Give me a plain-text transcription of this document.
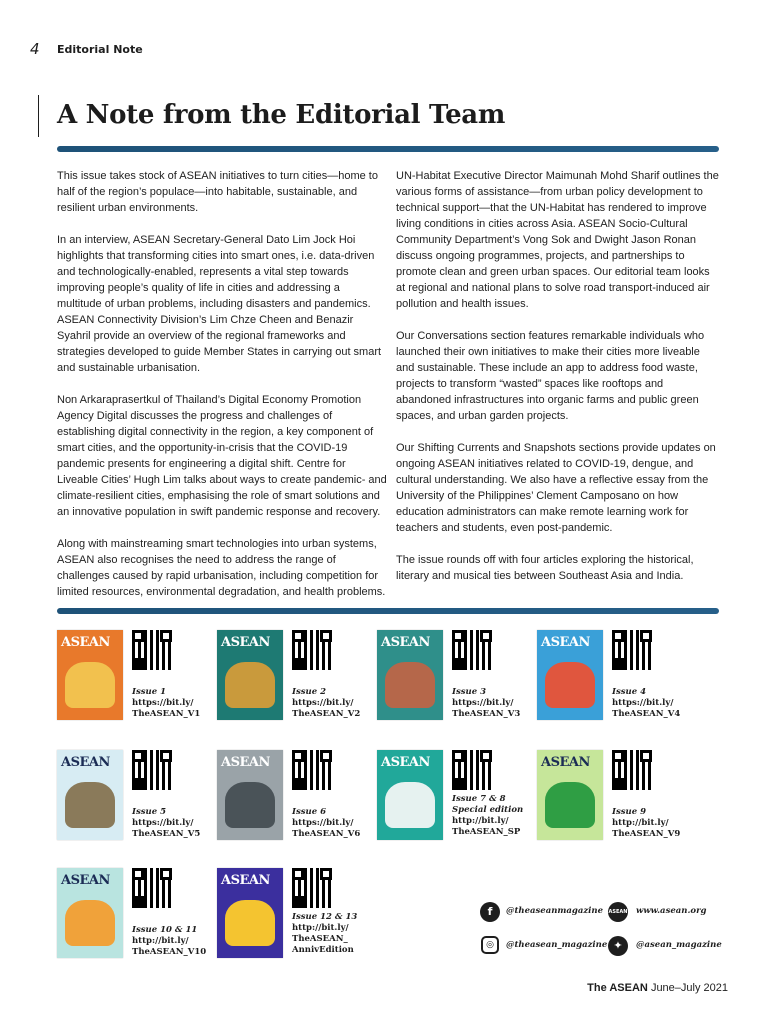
4 Editorial Note
A Note from the Editorial Team

This issue takes stock of ASEAN initiatives to turn cities—home to half of the region’s populace—into habitable, sustainable, and resilient urban environments.

In an interview, ASEAN Secretary-General Dato Lim Jock Hoi highlights that transforming cities into smart ones, i.e. data-driven and technologically-enabled, represents a vital step towards improving people’s quality of life in cities and addressing a multitude of urban problems, including disasters and pandemics. ASEAN Connectivity Division’s Lim Chze Cheen and Benazir Syahril provide an overview of the regional frameworks and strategies developed to guide Member States in carrying out smart and sustainable urbanisation.

Non Arkaraprasertkul of Thailand’s Digital Economy Promotion Agency Digital discusses the progress and challenges of establishing digital connectivity in the region, a key component of smart cities, and the opportunity-in-crisis that the COVID-19 pandemic presents for engineering a digital shift. Centre for Liveable Cities’ Hugh Lim talks about ways to create pandemic- and climate-resilient cities, emphasising the role of smart solutions and an innovative population in swift pandemic response and recovery.

Along with mainstreaming smart technologies into urban systems, ASEAN also recognises the need to address the range of challenges caused by rapid urbanisation, including competition for limited resources, environmental degradation, and health problems.

UN-Habitat Executive Director Maimunah Mohd Sharif outlines the various forms of assistance—from urban policy development to technical support—that the UN-Habitat has rendered to improve living conditions in cities across Asia. ASEAN Socio-Cultural Community Department’s Vong Sok and Dwight Jason Ronan discuss ongoing programmes, projects, and partnerships to promote clean and green urban spaces. Our editorial team looks at regional and national plans to solve road transport-induced air pollution and health issues.

Our Conversations section features remarkable individuals who launched their own initiatives to make their cities more liveable and sustainable. These include an app to address food waste, projects to transform “wasted” spaces like rooftops and abandoned infrastructures into organic farms and public green spaces, and urban garden projects.

Our Shifting Currents and Snapshots sections provide updates on ongoing ASEAN initiatives related to COVID-19, dengue, and cultural understanding. We also have a reflective essay from the University of the Philippines’ Clement Camposano on how education administrators can make remote learning work for teachers and students, even post-pandemic.

The issue rounds off with four articles exploring the historical, literary and musical ties between Southeast Asia and India.

ASEAN
Issue 1
https://bit.ly/
TheASEAN_V1
ASEAN
Issue 2
https://bit.ly/
TheASEAN_V2
ASEAN
Issue 3
https://bit.ly/
TheASEAN_V3
ASEAN
Issue 4
https://bit.ly/
TheASEAN_V4
ASEAN
Issue 5
https://bit.ly/
TheASEAN_V5
ASEAN
Issue 6
https://bit.ly/
TheASEAN_V6
ASEAN
Issue 7 & 8
Special edition
http://bit.ly/
TheASEAN_SP
ASEAN
Issue 9
http://bit.ly/
TheASEAN_V9
ASEAN
Issue 10 & 11
http://bit.ly/
TheASEAN_V10
ASEAN
Issue 12 & 13
http://bit.ly/
TheASEAN_
AnnivEdition
f	@theaseanmagazine
◎	@theasean_magazine
ASEAN www.asean.org
✦	@asean_magazine
The ASEAN June–July 2021
